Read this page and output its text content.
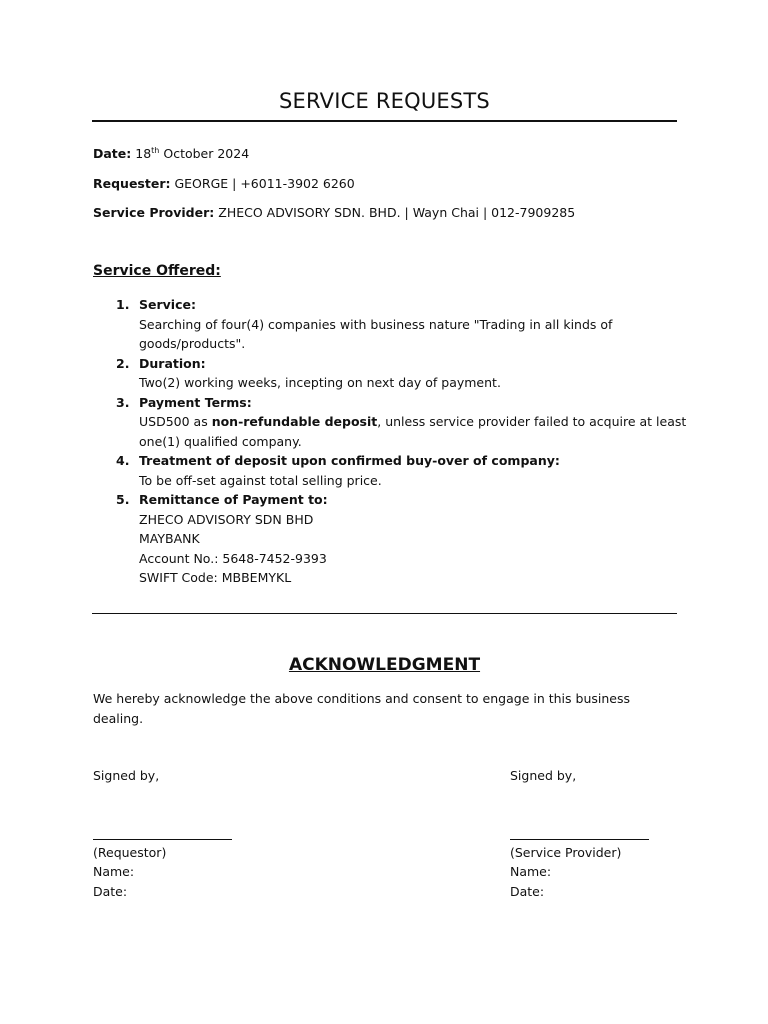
SERVICE REQUESTS
Date: 18th October 2024
Requester: GEORGE | +6011-3902 6260
Service Provider: ZHECO ADVISORY SDN. BHD. | Wayn Chai | 012-7909285
Service Offered:
1. Service:
Searching of four(4) companies with business nature "Trading in all kinds of
goods/products".
2. Duration:
Two(2) working weeks, incepting on next day of payment.
3. Payment Terms:
USD500 as non-refundable deposit, unless service provider failed to acquire at least
one(1) qualified company.
4. Treatment of deposit upon confirmed buy-over of company:
To be off-set against total selling price.
5. Remittance of Payment to:
ZHECO ADVISORY SDN BHD
MAYBANK
Account No.: 5648-7452-9393
SWIFT Code: MBBEMYKL
ACKNOWLEDGMENT
We hereby acknowledge the above conditions and consent to engage in this business dealing.
Signed by,
(Requestor)
Name:
Date:
Signed by,
(Service Provider)
Name:
Date:
